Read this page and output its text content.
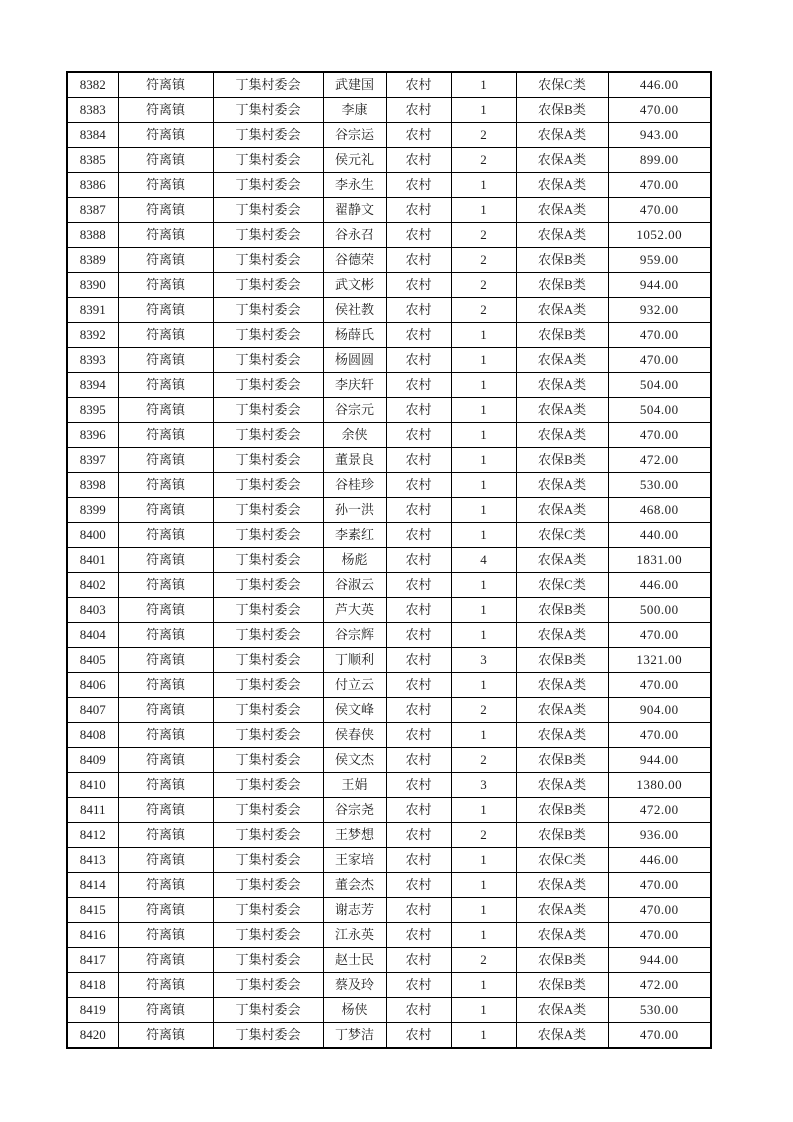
8382	符离镇	丁集村委会	武建国	农村	1	农保C类	446.00
8383	符离镇	丁集村委会	李康	农村	1	农保B类	470.00
8384	符离镇	丁集村委会	谷宗运	农村	2	农保A类	943.00
8385	符离镇	丁集村委会	侯元礼	农村	2	农保A类	899.00
8386	符离镇	丁集村委会	李永生	农村	1	农保A类	470.00
8387	符离镇	丁集村委会	翟静文	农村	1	农保A类	470.00
8388	符离镇	丁集村委会	谷永召	农村	2	农保A类	1052.00
8389	符离镇	丁集村委会	谷德荣	农村	2	农保B类	959.00
8390	符离镇	丁集村委会	武文彬	农村	2	农保B类	944.00
8391	符离镇	丁集村委会	侯社教	农村	2	农保A类	932.00
8392	符离镇	丁集村委会	杨薛氏	农村	1	农保B类	470.00
8393	符离镇	丁集村委会	杨圆圆	农村	1	农保A类	470.00
8394	符离镇	丁集村委会	李庆轩	农村	1	农保A类	504.00
8395	符离镇	丁集村委会	谷宗元	农村	1	农保A类	504.00
8396	符离镇	丁集村委会	余侠	农村	1	农保A类	470.00
8397	符离镇	丁集村委会	董景良	农村	1	农保B类	472.00
8398	符离镇	丁集村委会	谷桂珍	农村	1	农保A类	530.00
8399	符离镇	丁集村委会	孙一洪	农村	1	农保A类	468.00
8400	符离镇	丁集村委会	李素红	农村	1	农保C类	440.00
8401	符离镇	丁集村委会	杨彪	农村	4	农保A类	1831.00
8402	符离镇	丁集村委会	谷淑云	农村	1	农保C类	446.00
8403	符离镇	丁集村委会	芦大英	农村	1	农保B类	500.00
8404	符离镇	丁集村委会	谷宗辉	农村	1	农保A类	470.00
8405	符离镇	丁集村委会	丁顺利	农村	3	农保B类	1321.00
8406	符离镇	丁集村委会	付立云	农村	1	农保A类	470.00
8407	符离镇	丁集村委会	侯文峰	农村	2	农保A类	904.00
8408	符离镇	丁集村委会	侯春侠	农村	1	农保A类	470.00
8409	符离镇	丁集村委会	侯文杰	农村	2	农保B类	944.00
8410	符离镇	丁集村委会	王娟	农村	3	农保A类	1380.00
8411	符离镇	丁集村委会	谷宗尧	农村	1	农保B类	472.00
8412	符离镇	丁集村委会	王梦想	农村	2	农保B类	936.00
8413	符离镇	丁集村委会	王家培	农村	1	农保C类	446.00
8414	符离镇	丁集村委会	董会杰	农村	1	农保A类	470.00
8415	符离镇	丁集村委会	谢志芳	农村	1	农保A类	470.00
8416	符离镇	丁集村委会	江永英	农村	1	农保A类	470.00
8417	符离镇	丁集村委会	赵士民	农村	2	农保B类	944.00
8418	符离镇	丁集村委会	蔡及玲	农村	1	农保B类	472.00
8419	符离镇	丁集村委会	杨侠	农村	1	农保A类	530.00
8420	符离镇	丁集村委会	丁梦洁	农村	1	农保A类	470.00
